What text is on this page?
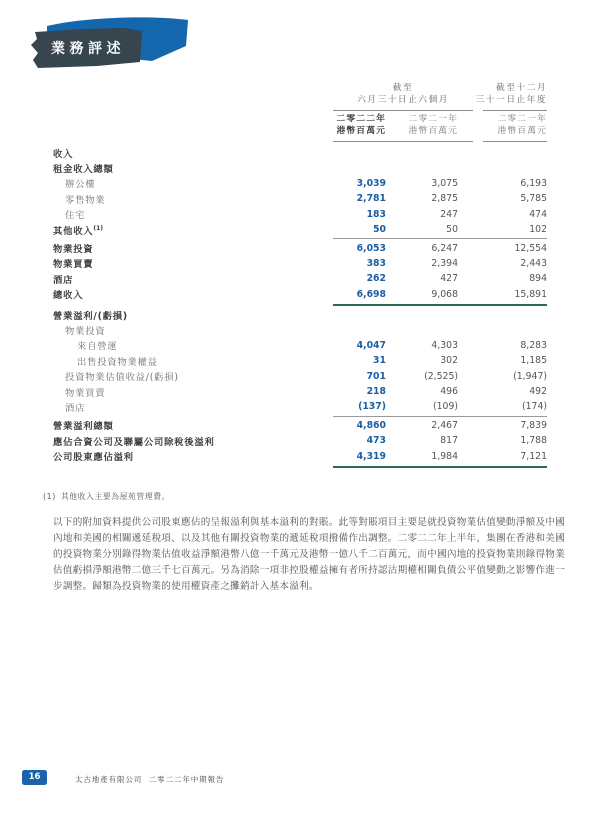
業務評述
截至
六月三十日止六個月
截至十二月
三十一日止年度
二零二二年
港幣百萬元
二零二一年
港幣百萬元
二零二一年
港幣百萬元
收入
租金收入總額
辦公樓	3,039	3,075	6,193
零售物業	2,781	2,875	5,785
住宅	183	247	474
其他收入$^{(1)}$	50	50	102
物業投資	6,053	6,247	12,554
物業買賣	383	2,394	2,443
酒店	262	427	894
總收入	6,698	9,068	15,891
營業溢利/(虧損)
物業投資
來自營運	4,047	4,303	8,283
出售投資物業權益	31	302	1,185
投資物業估值收益/(虧損)	701	(2,525)	(1,947)
物業買賣	218	496	492
酒店	(137)	(109)	(174)
營業溢利總額	4,860	2,467	7,839
應佔合資公司及聯屬公司除稅後溢利	473	817	1,788
公司股東應佔溢利	4,319	1,984	7,121
(1) 其他收入主要為屋苑管理費。

以下的附加資料提供公司股東應佔的呈報溢利與基本溢利的對賬。此等對賬項目主要是就投資物業估值變動淨額及中國內地和美國的相關遞延稅項、以及其他有關投資物業的遞延稅項撥備作出調整。二零二二年上半年，集團在香港和美國的投資物業分別錄得物業估值收益淨額港幣八億一千萬元及港幣一億八千二百萬元，而中國內地的投資物業則錄得物業估值虧損淨額港幣二億三千七百萬元。另為消除一項非控股權益擁有者所持認沽期權相關負債公平值變動之影響作進一步調整。歸類為投資物業的使用權資產之攤銷計入基本溢利。

16	太古地產有限公司  二零二二年中期報告
